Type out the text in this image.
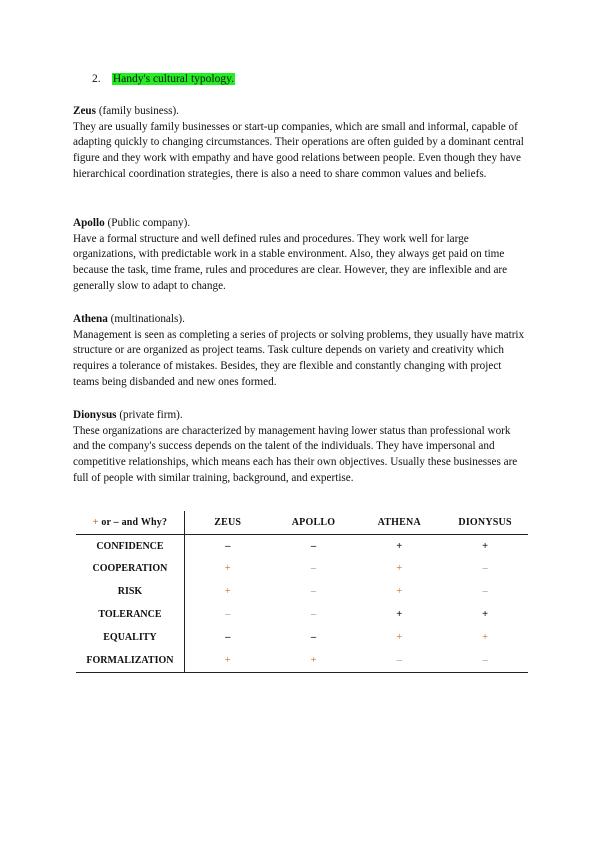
2. Handy's cultural typology.

Zeus (family business).

They are usually family businesses or start-up companies, which are small and informal, capable of adapting quickly to changing circumstances. Their operations are often guided by a dominant central figure and they work with empathy and have good relations between people. Even though they have hierarchical coordination strategies, there is also a need to share common values and beliefs.

Apollo (Public company).

Have a formal structure and well defined rules and procedures. They work well for large organizations, with predictable work in a stable environment. Also, they always get paid on time because the task, time frame, rules and procedures are clear. However, they are inflexible and are generally slow to adapt to change.

Athena (multinationals).

Management is seen as completing a series of projects or solving problems, they usually have matrix structure or are organized as project teams. Task culture depends on variety and creativity which requires a tolerance of mistakes. Besides, they are flexible and constantly changing with project teams being disbanded and new ones formed.

Dionysus (private firm).

These organizations are characterized by management having lower status than professional work and the company's success depends on the talent of the individuals. They have impersonal and competitive relationships, which means each has their own objectives. Usually these businesses are full of people with similar training, background, and expertise.

+ or – and Why?	ZEUS	APOLLO	ATHENA	DIONYSUS
CONFIDENCE	–	–	+	+
COOPERATION	+	–	+	–
RISK	+	–	+	–
TOLERANCE	–	–	+	+
EQUALITY	–	–	+	+
FORMALIZATION	+	+	–	–
